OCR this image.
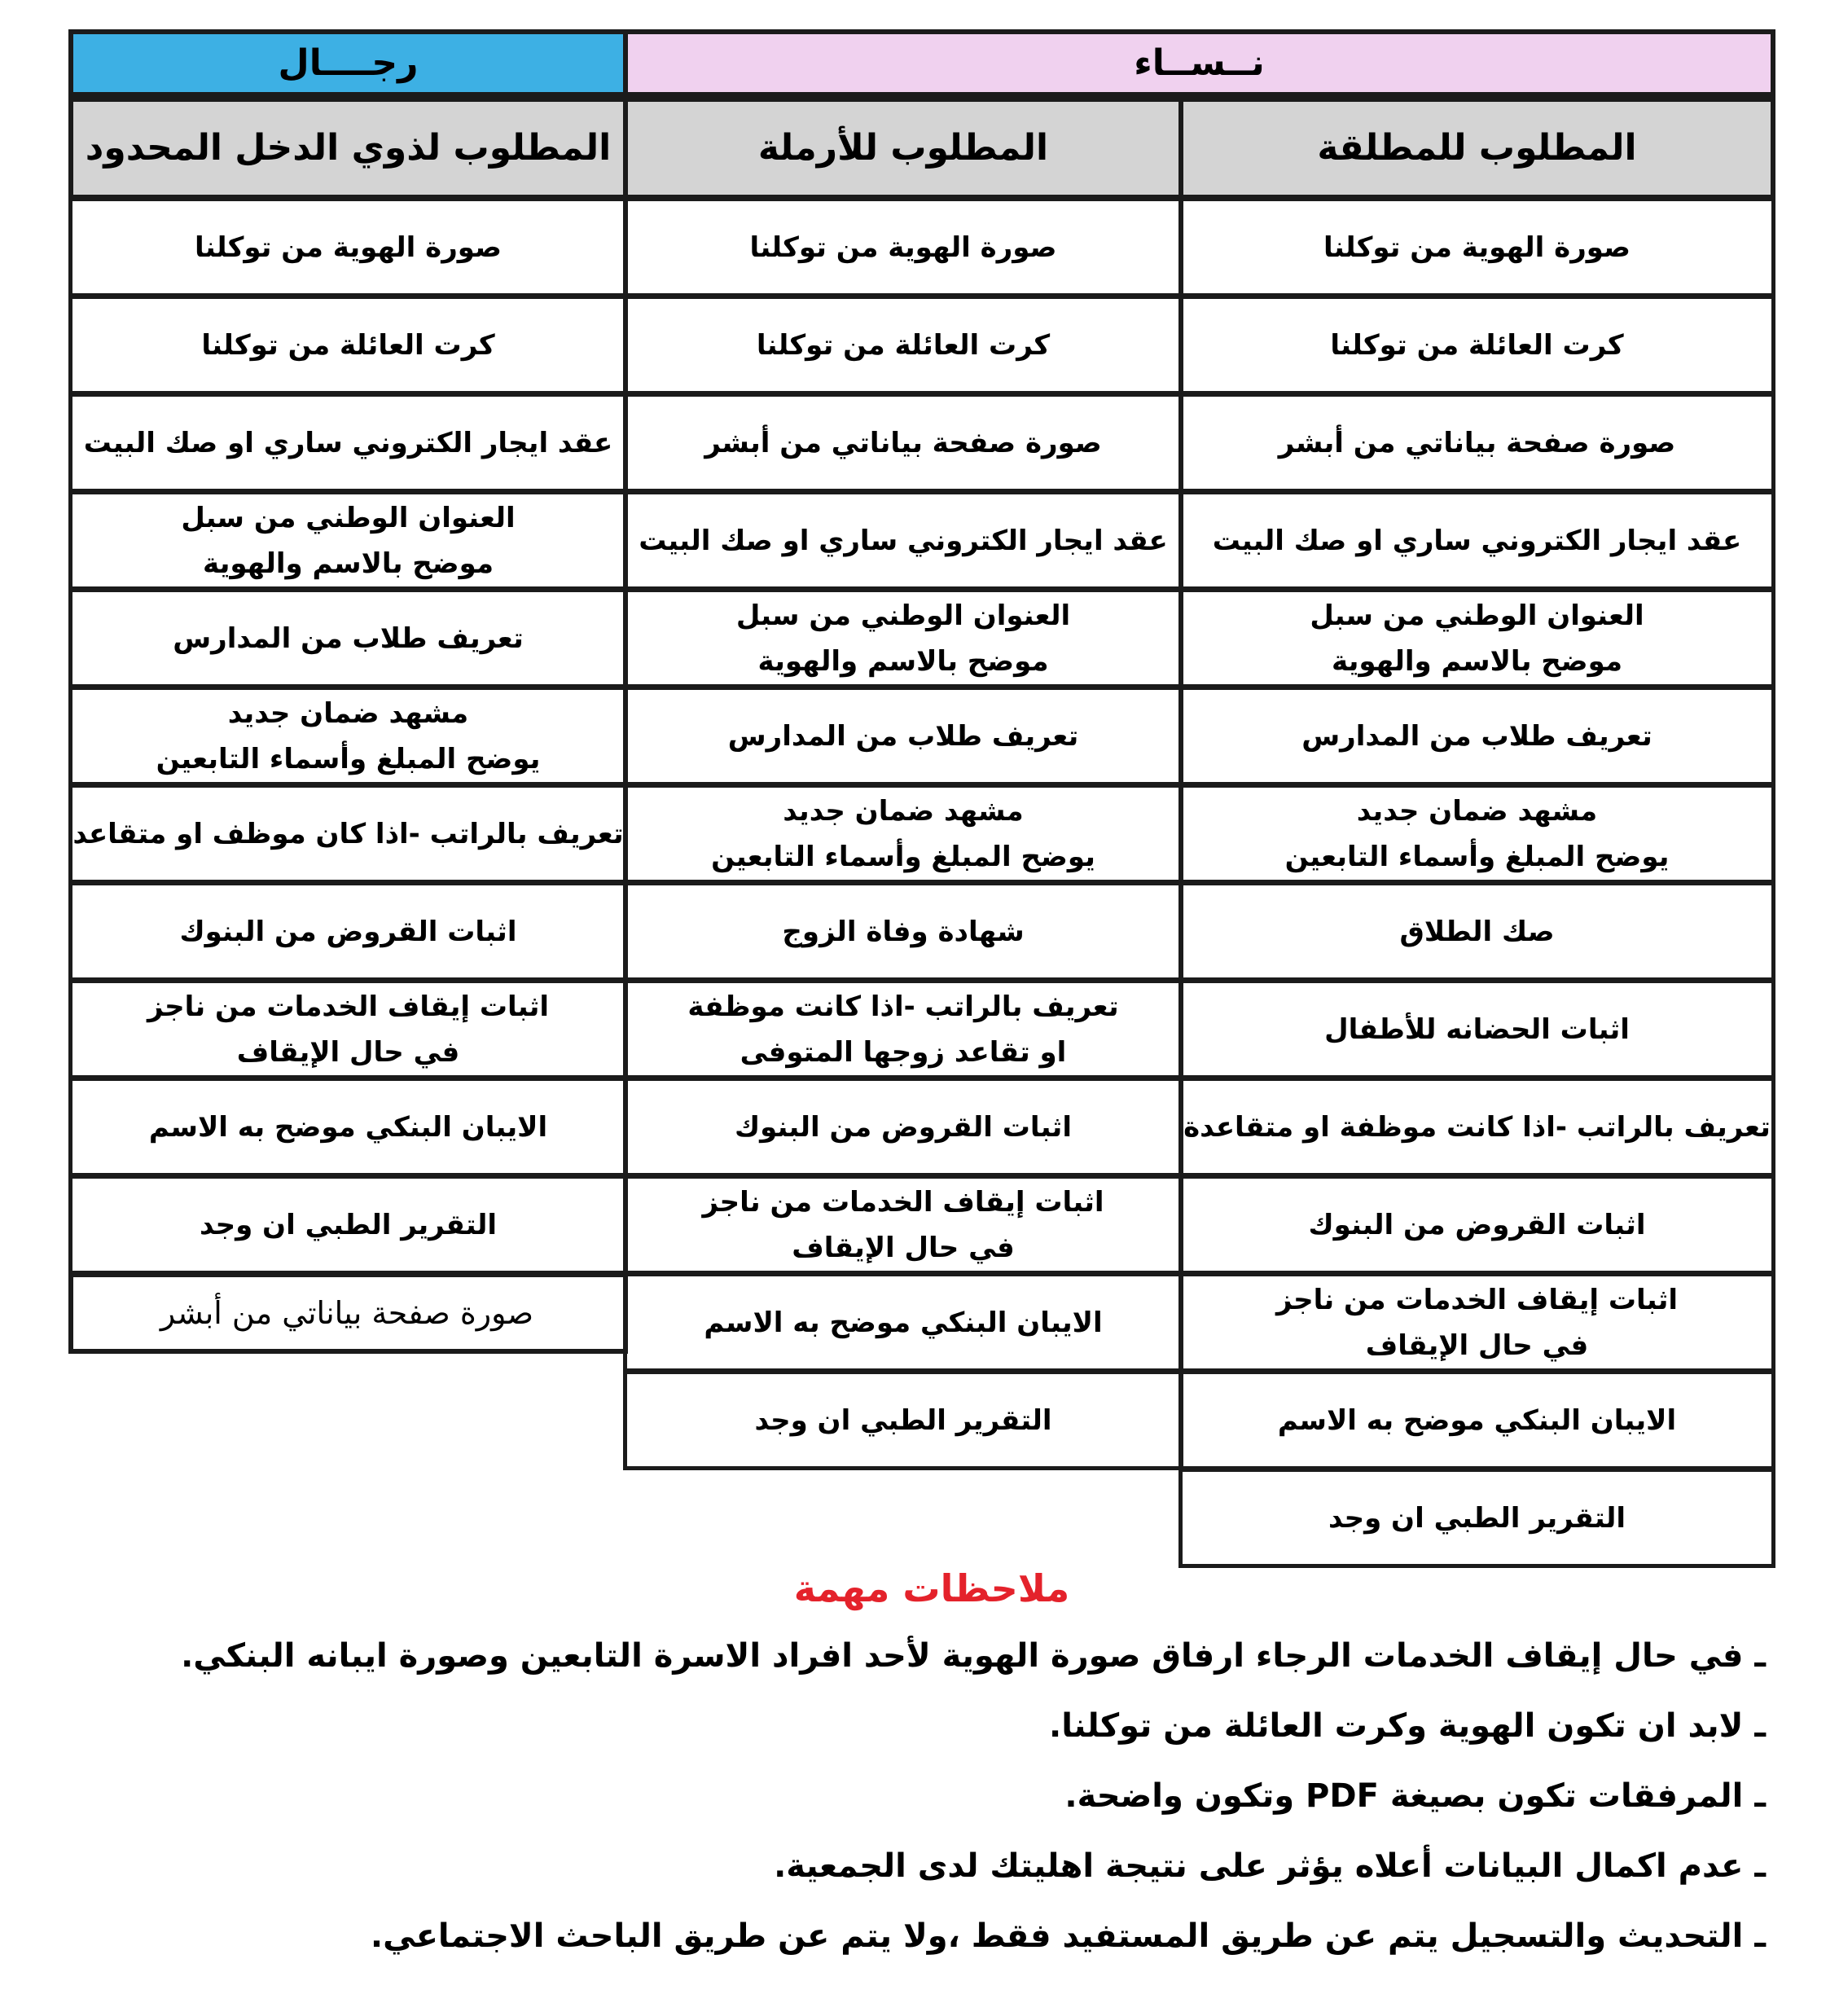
نــســاء
رجــــال
المطلوب للمطلقة
صورة الهوية من توكلنا
كرت العائلة من توكلنا
صورة صفحة بياناتي من أبشر
عقد ايجار الكتروني ساري او صك البيت
العنوان الوطني من سبل
موضح بالاسم والهوية
تعريف طلاب من المدارس
مشهد ضمان جديد
يوضح المبلغ وأسماء التابعين
صك الطلاق
اثبات الحضانه للأطفال
تعريف بالراتب -اذا كانت موظفة او متقاعدة
اثبات القروض من البنوك
اثبات إيقاف الخدمات من ناجز
في حال الإيقاف
الايبان البنكي موضح به الاسم
التقرير الطبي ان وجد
المطلوب للأرملة
صورة الهوية من توكلنا
كرت العائلة من توكلنا
صورة صفحة بياناتي من أبشر
عقد ايجار الكتروني ساري او صك البيت
العنوان الوطني من سبل
موضح بالاسم والهوية
تعريف طلاب من المدارس
مشهد ضمان جديد
يوضح المبلغ وأسماء التابعين
شهادة وفاة الزوج
تعريف بالراتب -اذا كانت موظفة
او تقاعد زوجها المتوفى
اثبات القروض من البنوك
اثبات إيقاف الخدمات من ناجز
في حال الإيقاف
الايبان البنكي موضح به الاسم
التقرير الطبي ان وجد
المطلوب لذوي الدخل المحدود
صورة الهوية من توكلنا
كرت العائلة من توكلنا
عقد ايجار الكتروني ساري او صك البيت
العنوان الوطني من سبل
موضح بالاسم والهوية
تعريف طلاب من المدارس
مشهد ضمان جديد
يوضح المبلغ وأسماء التابعين
تعريف بالراتب -اذا كان موظف او متقاعد
اثبات القروض من البنوك
اثبات إيقاف الخدمات من ناجز
في حال الإيقاف
الايبان البنكي موضح به الاسم
التقرير الطبي ان وجد
صورة صفحة بياناتي من أبشر
ملاحظات مهمة
ـ في حال إيقاف الخدمات الرجاء ارفاق صورة الهوية لأحد افراد الاسرة التابعين وصورة ايبانه البنكي.
ـ لابد ان تكون الهوية وكرت العائلة من توكلنا.
ـ المرفقات تكون بصيغة PDF وتكون واضحة.
ـ عدم اكمال البيانات أعلاه يؤثر على نتيجة اهليتك لدى الجمعية.
ـ التحديث والتسجيل يتم عن طريق المستفيد فقط ،ولا يتم عن طريق الباحث الاجتماعي.
